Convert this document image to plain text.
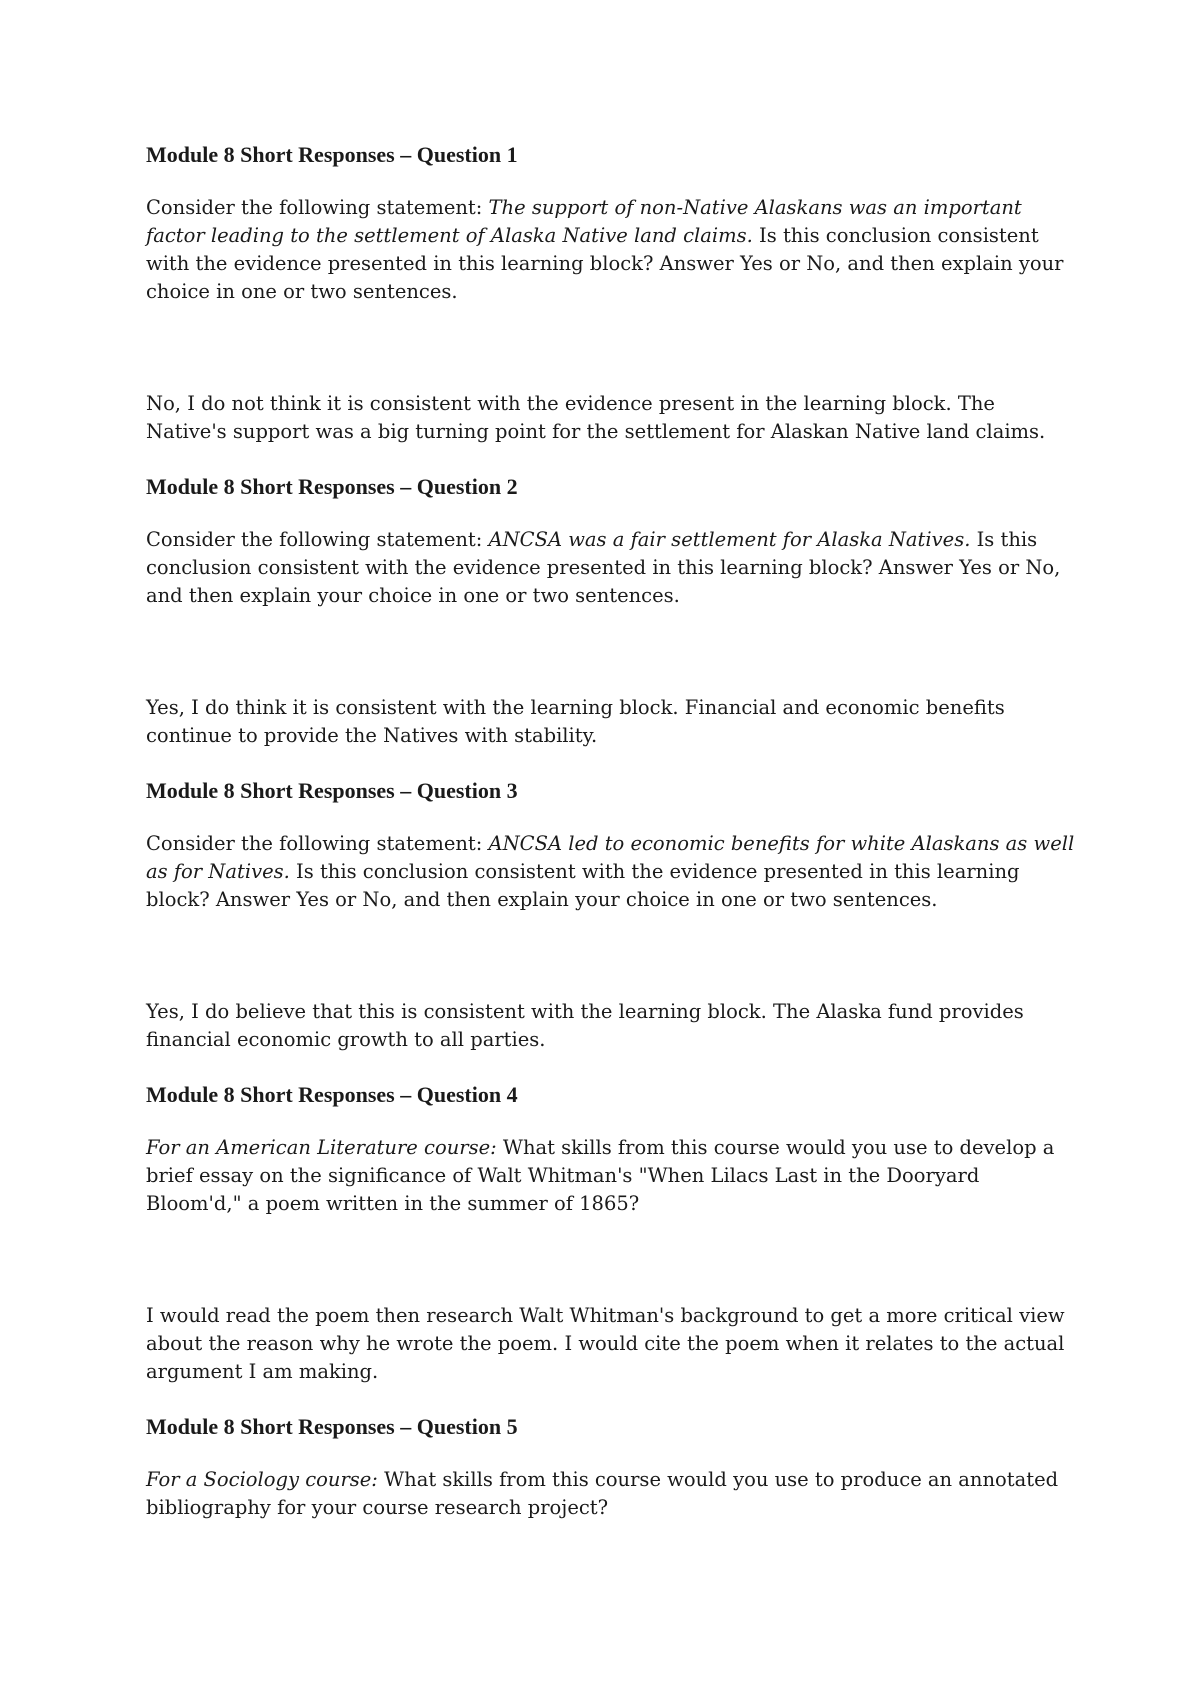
Module 8 Short Responses – Question 1

Consider the following statement: The support of non-Native Alaskans was an important factor leading to the settlement of Alaska Native land claims. Is this conclusion consistent with the evidence presented in this learning block? Answer Yes or No, and then explain your choice in one or two sentences.

No, I do not think it is consistent with the evidence present in the learning block. The Native's support was a big turning point for the settlement for Alaskan Native land claims.

Module 8 Short Responses – Question 2

Consider the following statement: ANCSA was a fair settlement for Alaska Natives. Is this conclusion consistent with the evidence presented in this learning block? Answer Yes or No, and then explain your choice in one or two sentences.

Yes, I do think it is consistent with the learning block. Financial and economic benefits continue to provide the Natives with stability.

Module 8 Short Responses – Question 3

Consider the following statement: ANCSA led to economic benefits for white Alaskans as well as for Natives. Is this conclusion consistent with the evidence presented in this learning block? Answer Yes or No, and then explain your choice in one or two sentences.

Yes, I do believe that this is consistent with the learning block. The Alaska fund provides financial economic growth to all parties.

Module 8 Short Responses – Question 4

For an American Literature course: What skills from this course would you use to develop a brief essay on the significance of Walt Whitman's "When Lilacs Last in the Dooryard Bloom'd," a poem written in the summer of 1865?

I would read the poem then research Walt Whitman's background to get a more critical view about the reason why he wrote the poem. I would cite the poem when it relates to the actual argument I am making.

Module 8 Short Responses – Question 5

For a Sociology course: What skills from this course would you use to produce an annotated bibliography for your course research project?
